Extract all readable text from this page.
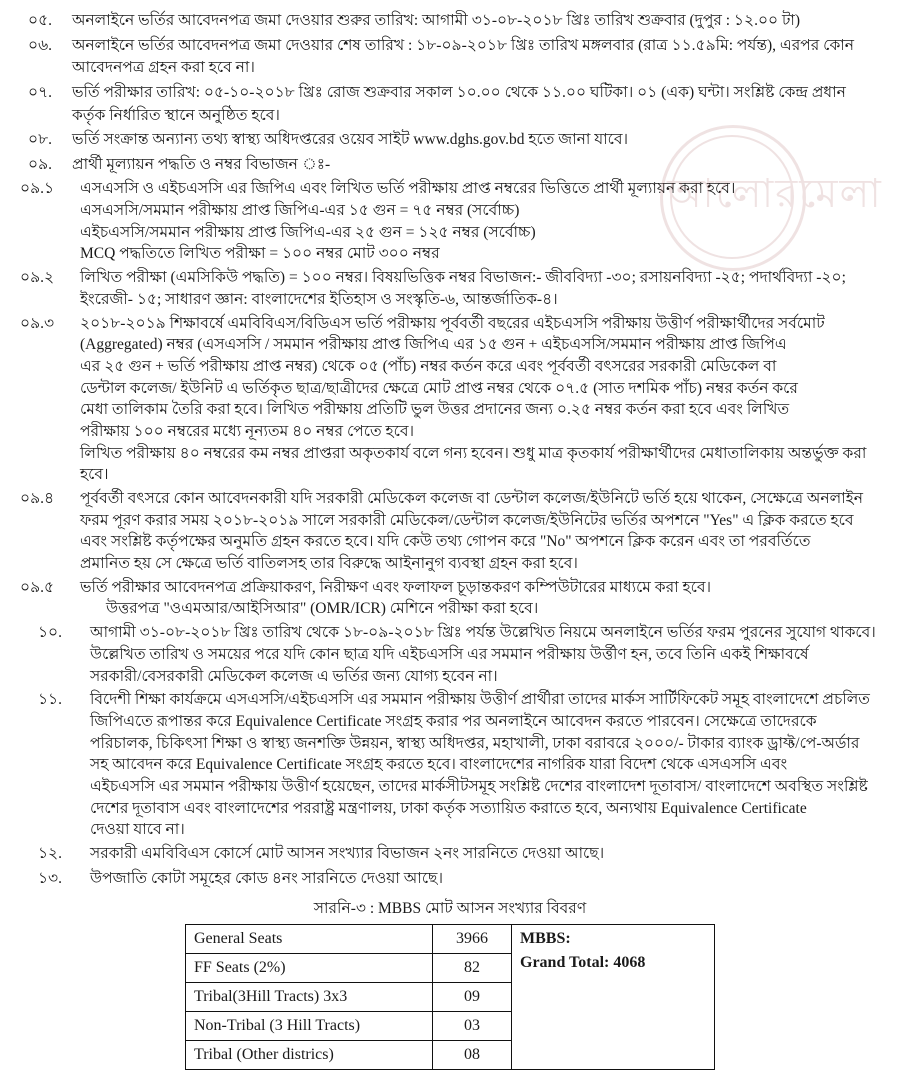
আলোরমেলা
০৫.	অনলাইনে ভর্তির আবেদনপত্র জমা দেওয়ার শুরুর তারিখ: আগামী ৩১-০৮-২০১৮ খ্রিঃ তারিখ শুক্রবার (দুপুর : ১২.০০ টা)
০৬.	অনলাইনে ভর্তির আবেদনপত্র জমা দেওয়ার শেষ তারিখ : ১৮-০৯-২০১৮ খ্রিঃ তারিখ মঙ্গলবার (রাত্র ১১.৫৯মি: পর্যন্ত), এরপর কোন
আবেদনপত্র গ্রহন করা হবে না।
০৭.	ভর্তি পরীক্ষার তারিখ: ০৫-১০-২০১৮ খ্রিঃ রোজ শুক্রবার সকাল ১০.০০ থেকে ১১.০০ ঘটিকা। ০১ (এক) ঘন্টা। সংশ্লিষ্ট কেন্দ্র প্রধান
কর্তৃক নির্ধারিত স্থানে অনুষ্ঠিত হবে।
০৮.	ভর্তি সংক্রান্ত অন্যান্য তথ্য স্বাস্থ্য অধিদপ্তরের ওয়েব সাইট www.dghs.gov.bd হতে জানা যাবে।
০৯.	প্রার্থী মূল্যায়ন পদ্ধতি ও নম্বর বিভাজন ঃ-
০৯.১	এসএসসি ও এইচএসসি এর জিপিএ এবং লিখিত ভর্তি পরীক্ষায় প্রাপ্ত নম্বরের ভিত্তিতে প্রার্থী মূল্যায়ন করা হবে।
এসএসসি/সমমান পরীক্ষায় প্রাপ্ত জিপিএ-এর ১৫ গুন = ৭৫ নম্বর (সর্বোচ্চ)
এইচএসসি/সমমান পরীক্ষায় প্রাপ্ত জিপিএ-এর ২৫ গুন = ১২৫ নম্বর (সর্বোচ্চ)
MCQ পদ্ধতিতে লিখিত পরীক্ষা = ১০০ নম্বর মোট ৩০০ নম্বর
০৯.২	লিখিত পরীক্ষা (এমসিকিউ পদ্ধতি) = ১০০ নম্বর। বিষয়ভিত্তিক নম্বর বিভাজন:- জীববিদ্যা -৩০; রসায়নবিদ্যা -২৫; পদার্থবিদ্যা -২০;
ইংরেজী- ১৫; সাধারণ জ্ঞান: বাংলাদেশের ইতিহাস ও সংস্কৃতি-৬, আন্তর্জাতিক-৪।
০৯.৩	২০১৮-২০১৯ শিক্ষাবর্ষে এমবিবিএস/বিডিএস ভর্তি পরীক্ষায় পূর্ববর্তী বছরের এইচএসসি পরীক্ষায় উত্তীর্ণ পরীক্ষার্থীদের সর্বমোট
(Aggregated) নম্বর (এসএসসি / সমমান পরীক্ষায় প্রাপ্ত জিপিএ এর ১৫ গুন + এইচএসসি/সমমান পরীক্ষায় প্রাপ্ত জিপিএ
এর ২৫ গুন + ভর্তি পরীক্ষায় প্রাপ্ত নম্বর) থেকে ০৫ (পাঁচ) নম্বর কর্তন করে এবং পূর্ববর্তী বৎসরের সরকারী মেডিকেল বা
ডেন্টাল কলেজ/ ইউনিট এ ভর্তিকৃত ছাত্র/ছাত্রীদের ক্ষেত্রে মোট প্রাপ্ত নম্বর থেকে ০৭.৫ (সাত দশমিক পাঁচ) নম্বর কর্তন করে
মেধা তালিকাম তৈরি করা হবে। লিখিত পরীক্ষায় প্রতিটি ভুল উত্তর প্রদানের জন্য ০.২৫ নম্বর কর্তন করা হবে এবং লিখিত
পরীক্ষায় ১০০ নম্বরের মধ্যে নূন্যতম ৪০ নম্বর পেতে হবে।
লিখিত পরীক্ষায় ৪০ নম্বরের কম নম্বর প্রাপ্তরা অকৃতকার্য বলে গন্য হবেন। শুধু মাত্র কৃতকার্য পরীক্ষার্থীদের মেধাতালিকায় অন্তর্ভুক্ত করা
হবে।
০৯.৪	পূর্ববর্তী বৎসরে কোন আবেদনকারী যদি সরকারী মেডিকেল কলেজ বা ডেন্টাল কলেজ/ইউনিটে ভর্তি হয়ে থাকেন, সেক্ষেত্রে অনলাইন
ফরম পূরণ করার সময় ২০১৮-২০১৯ সালে সরকারী মেডিকেল/ডেন্টাল কলেজ/ইউনিটের ভর্তির অপশনে "Yes" এ ক্লিক করতে হবে
এবং সংশ্লিষ্ট কর্তৃপক্ষের অনুমতি গ্রহন করতে হবে। যদি কেউ তথ্য গোপন করে "No" অপশনে ক্লিক করেন এবং তা পরবর্তিতে
প্রমানিত হয় সে ক্ষেত্রে ভর্তি বাতিলসহ তার বিরুদ্ধে আইনানুগ ব্যবস্থা গ্রহন করা হবে।
০৯.৫	ভর্তি পরীক্ষার আবেদনপত্র প্রক্রিয়াকরণ, নিরীক্ষণ এবং ফলাফল চূড়ান্তকরণ কম্পিউটারের মাধ্যমে করা হবে।
উত্তরপত্র "ওএমআর/আইসিআর" (OMR/ICR) মেশিনে পরীক্ষা করা হবে।
১০.	আগামী ৩১-০৮-২০১৮ খ্রিঃ তারিখ থেকে ১৮-০৯-২০১৮ খ্রিঃ পর্যন্ত উল্লেখিত নিয়মে অনলাইনে ভর্তির ফরম পুরনের সুযোগ থাকবে।
উল্লেখিত তারিখ ও সময়ের পরে যদি কোন ছাত্র যদি এইচএসসি এর সমমান পরীক্ষায় উর্ত্তীণ হন, তবে তিনি একই শিক্ষাবর্ষে
সরকারী/বেসরকারী মেডিকেল কলেজ এ ভর্তির জন্য যোগ্য হবেন না।
১১.	বিদেশী শিক্ষা কার্যক্রমে এসএসসি/এইচএসসি এর সমমান পরীক্ষায় উত্তীর্ণ প্রার্থীরা তাদের মার্কস সার্টিফিকেট সমূহ বাংলাদেশে প্রচলিত
জিপিএতে রূপান্তর করে Equivalence Certificate সংগ্রহ করার পর অনলাইনে আবেদন করতে পারবেন। সেক্ষেত্রে তাদেরকে
পরিচালক, চিকিৎসা শিক্ষা ও স্বাস্থ্য জনশক্তি উন্নয়ন, স্বাস্থ্য অধিদপ্তর, মহাখালী, ঢাকা বরাবরে ২০০০/- টাকার ব্যাংক ড্রাফ্ট/পে-অর্ডার
সহ আবেদন করে Equivalence Certificate সংগ্রহ করতে হবে। বাংলাদেশের নাগরিক যারা বিদেশ থেকে এসএসসি এবং
এইচএসসি এর সমমান পরীক্ষায় উত্তীর্ণ হয়েছেন, তাদের মার্কসীটসমূহ সংশ্লিষ্ট দেশের বাংলাদেশ দূতাবাস/ বাংলাদেশে অবস্থিত সংশ্লিষ্ট
দেশের দূতাবাস এবং বাংলাদেশের পররাষ্ট্র মন্ত্রণালয়, ঢাকা কর্তৃক সত্যায়িত করাতে হবে, অন্যথায় Equivalence Certificate
দেওয়া যাবে না।
১২.	সরকারী এমবিবিএস কোর্সে মোট আসন সংখ্যার বিভাজন ২নং সারনিতে দেওয়া আছে।
১৩.	উপজাতি কোটা সমূহের কোড ৪নং সারনিতে দেওয়া আছে।
সারনি-৩ : MBBS মোট আসন সংখ্যার বিবরণ
General Seats	3966	MBBS:
Grand Total: 4068

FF Seats (2%)	82	
Tribal(3Hill Tracts) 3x3	09	
Non-Tribal (3 Hill Tracts)	03	
Tribal (Other districs)	08	
